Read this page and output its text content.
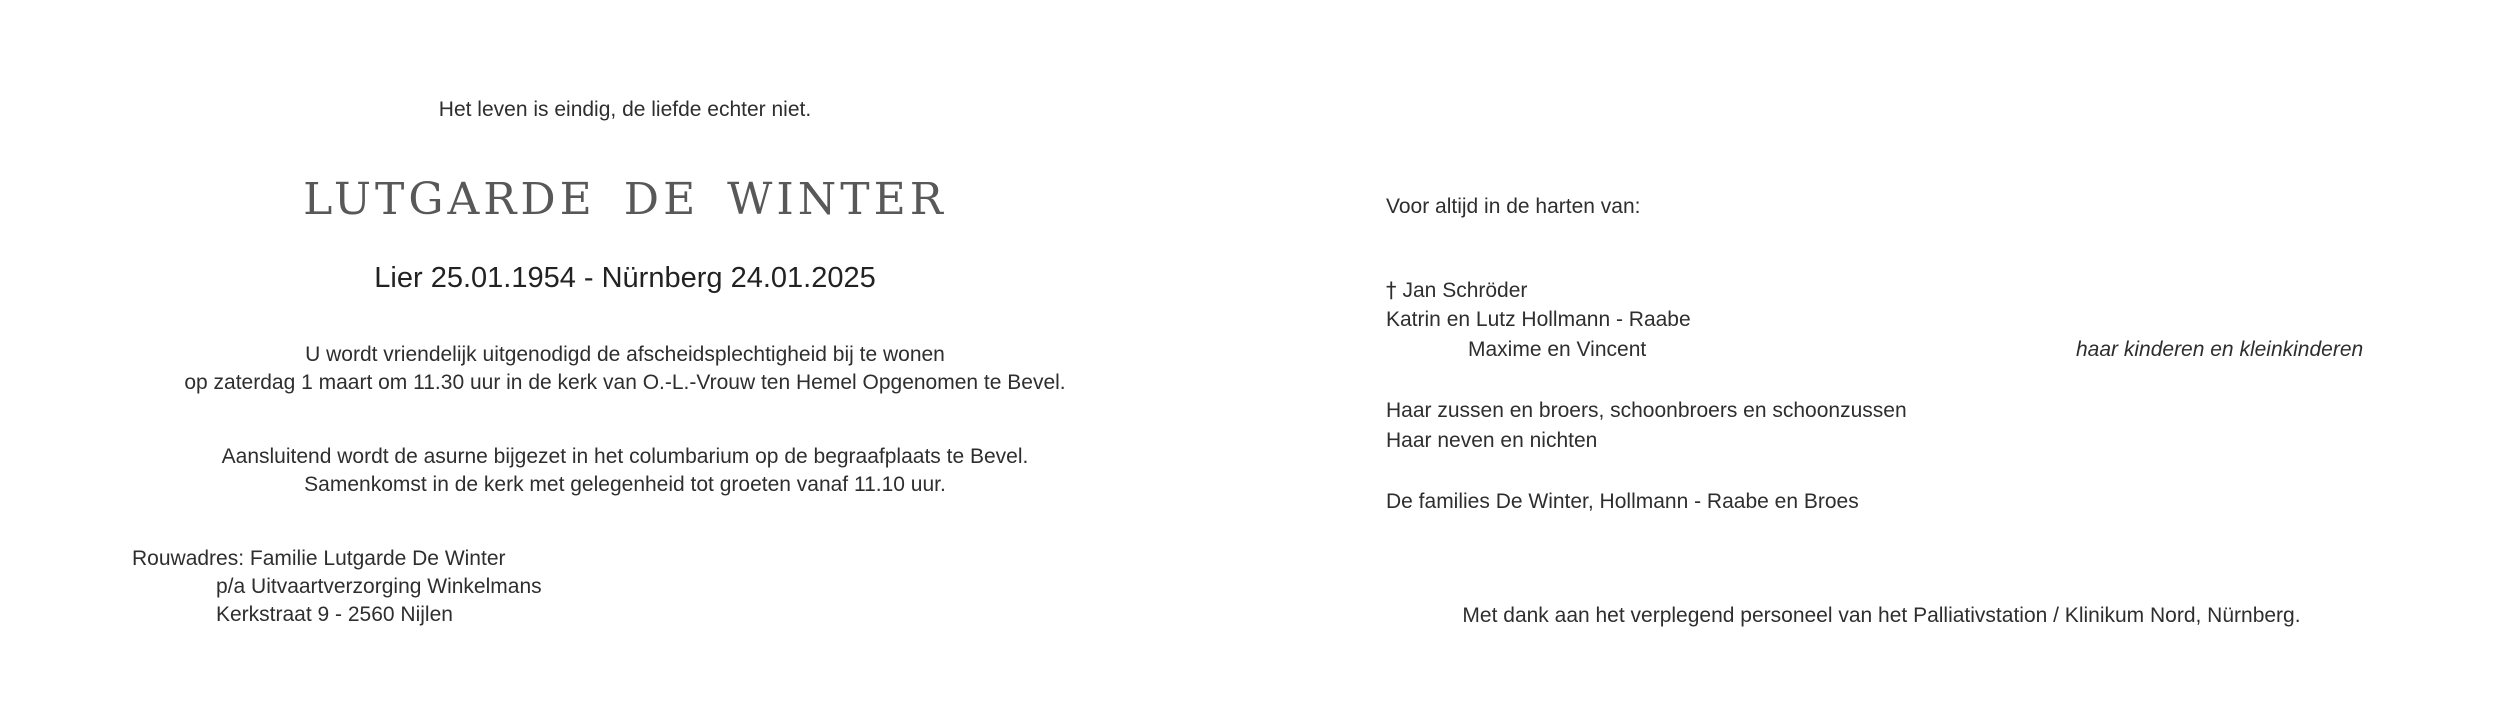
Het leven is eindig, de liefde echter niet.
LUTGARDE DE WINTER
Lier 25.01.1954 - Nürnberg 24.01.2025
U wordt vriendelijk uitgenodigd de afscheidsplechtigheid bij te wonen
op zaterdag 1 maart om 11.30 uur in de kerk van O.-L.-Vrouw ten Hemel Opgenomen te Bevel.
Aansluitend wordt de asurne bijgezet in het columbarium op de begraafplaats te Bevel.
Samenkomst in de kerk met gelegenheid tot groeten vanaf 11.10 uur.
Rouwadres: Familie Lutgarde De Winter
p/a Uitvaartverzorging Winkelmans
Kerkstraat 9 - 2560 Nijlen
Voor altijd in de harten van:
† Jan Schröder
Katrin en Lutz Hollmann - Raabe
Maxime en Vincent	haar kinderen en kleinkinderen
Haar zussen en broers, schoonbroers en schoonzussen
Haar neven en nichten
De families De Winter, Hollmann - Raabe en Broes
Met dank aan het verplegend personeel van het Palliativstation / Klinikum Nord, Nürnberg.
